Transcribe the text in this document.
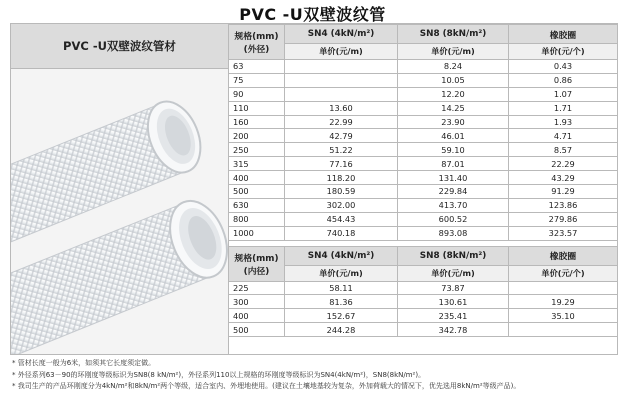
PVC -U双壁波纹管
PVC -U双壁波纹管材
规格(mm)
(外径)	SN4 (4kN/m²)	SN8 (8kN/m²)	橡胶圈
	单价(元/m)	单价(元/m)	单价(元/个)
63		8.24	0.43
75		10.05	0.86
90		12.20	1.07
110	13.60	14.25	1.71
160	22.99	23.90	1.93
200	42.79	46.01	4.71
250	51.22	59.10	8.57
315	77.16	87.01	22.29
400	118.20	131.40	43.29
500	180.59	229.84	91.29
630	302.00	413.70	123.86
800	454.43	600.52	279.86
1000	740.18	893.08	323.57
规格(mm)
(内径)	SN4 (4kN/m²)	SN8 (8kN/m²)	橡胶圈
	单价(元/m)	单价(元/m)	单价(元/个)
225	58.11	73.87	
300	81.36	130.61	19.29
400	152.67	235.41	35.10
500	244.28	342.78	
* 管材长度一般为6米，如须其它长度须定做。
* 外径系列63－90的环刚度等级标识为SN8(8 kN/m²)，外径系列110以上规格的环刚度等级标识为SN4(4kN/m²)，SN8(8kN/m²)。
* 我司生产的产品环刚度分为4kN/m²和8kN/m²两个等级，适合室内、外埋地使用。(建议在土壤地基较为复杂，外加荷载大的情况下，优先选用8kN/m²等级产品)。
